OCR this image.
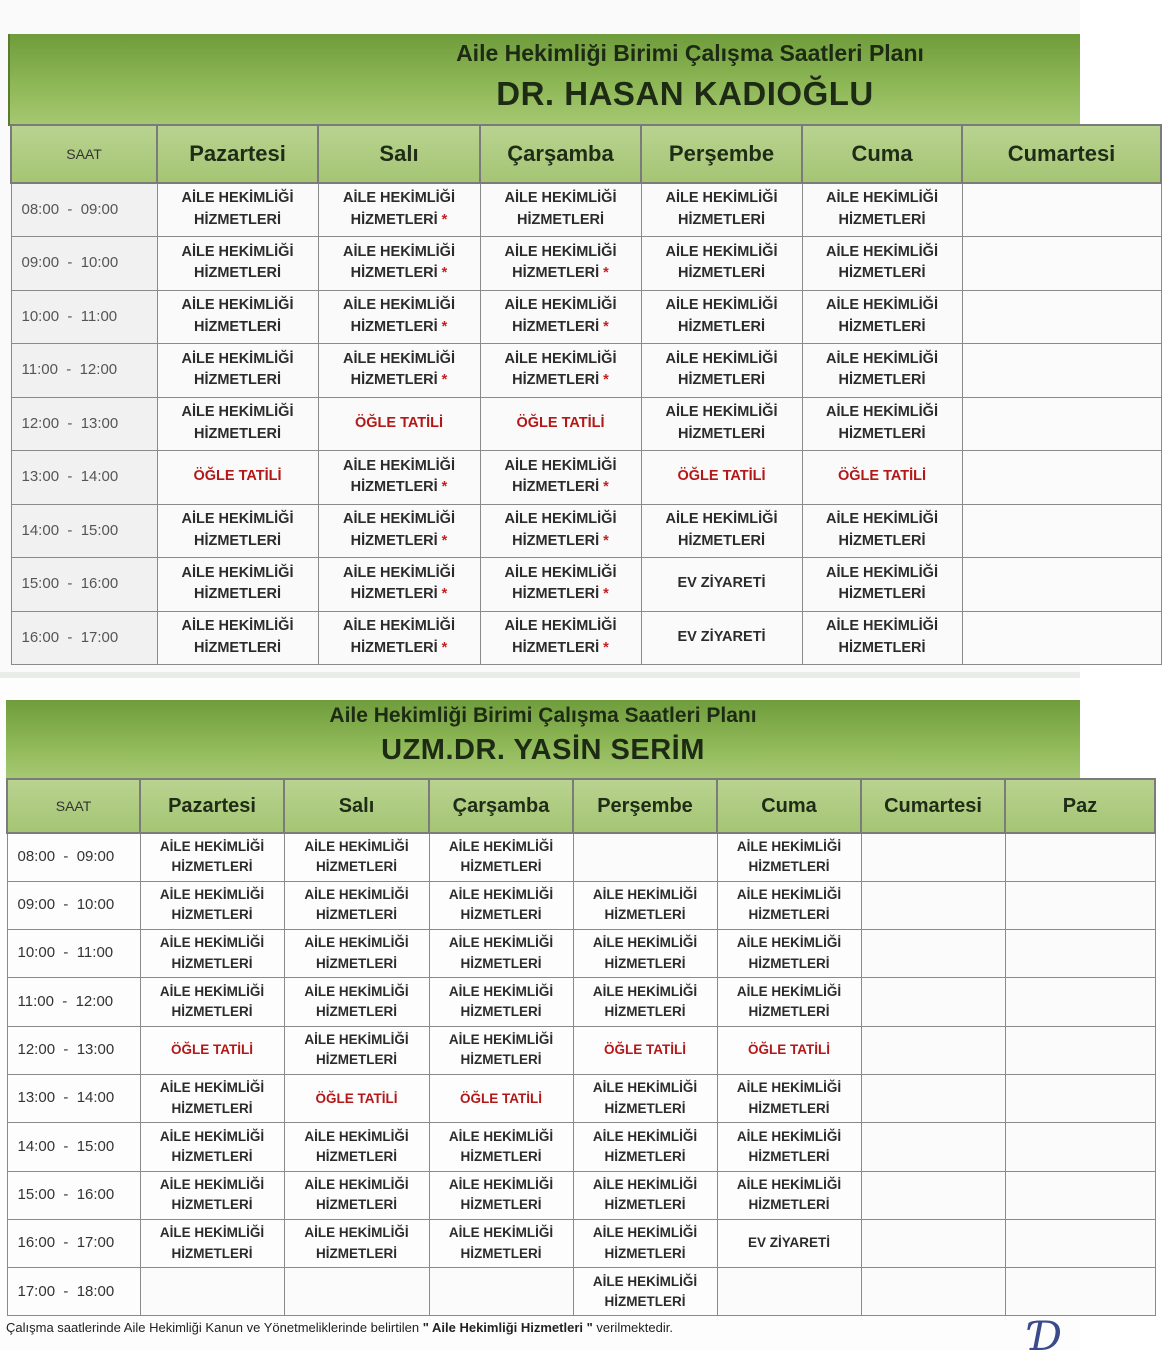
Aile Hekimliği Birimi Çalışma Saatleri Planı
DR. HASAN KADIOĞLU
SAAT	Pazartesi	Salı	Çarşamba	Perşembe	Cuma	Cumartesi
08:00  -  09:00	AİLE HEKİMLİĞİ HİZMETLERİ	AİLE HEKİMLİĞİ HİZMETLERİ *	AİLE HEKİMLİĞİ HİZMETLERİ	AİLE HEKİMLİĞİ HİZMETLERİ	AİLE HEKİMLİĞİ HİZMETLERİ	
09:00  -  10:00	AİLE HEKİMLİĞİ HİZMETLERİ	AİLE HEKİMLİĞİ HİZMETLERİ *	AİLE HEKİMLİĞİ HİZMETLERİ *	AİLE HEKİMLİĞİ HİZMETLERİ	AİLE HEKİMLİĞİ HİZMETLERİ	
10:00  -  11:00	AİLE HEKİMLİĞİ HİZMETLERİ	AİLE HEKİMLİĞİ HİZMETLERİ *	AİLE HEKİMLİĞİ HİZMETLERİ *	AİLE HEKİMLİĞİ HİZMETLERİ	AİLE HEKİMLİĞİ HİZMETLERİ	
11:00  -  12:00	AİLE HEKİMLİĞİ HİZMETLERİ	AİLE HEKİMLİĞİ HİZMETLERİ *	AİLE HEKİMLİĞİ HİZMETLERİ *	AİLE HEKİMLİĞİ HİZMETLERİ	AİLE HEKİMLİĞİ HİZMETLERİ	
12:00  -  13:00	AİLE HEKİMLİĞİ HİZMETLERİ	ÖĞLE TATİLİ	ÖĞLE TATİLİ	AİLE HEKİMLİĞİ HİZMETLERİ	AİLE HEKİMLİĞİ HİZMETLERİ	
13:00  -  14:00	ÖĞLE TATİLİ	AİLE HEKİMLİĞİ HİZMETLERİ *	AİLE HEKİMLİĞİ HİZMETLERİ *	ÖĞLE TATİLİ	ÖĞLE TATİLİ	
14:00  -  15:00	AİLE HEKİMLİĞİ HİZMETLERİ	AİLE HEKİMLİĞİ HİZMETLERİ *	AİLE HEKİMLİĞİ HİZMETLERİ *	AİLE HEKİMLİĞİ HİZMETLERİ	AİLE HEKİMLİĞİ HİZMETLERİ	
15:00  -  16:00	AİLE HEKİMLİĞİ HİZMETLERİ	AİLE HEKİMLİĞİ HİZMETLERİ *	AİLE HEKİMLİĞİ HİZMETLERİ *	EV ZİYARETİ	AİLE HEKİMLİĞİ HİZMETLERİ	
16:00  -  17:00	AİLE HEKİMLİĞİ HİZMETLERİ	AİLE HEKİMLİĞİ HİZMETLERİ *	AİLE HEKİMLİĞİ HİZMETLERİ *	EV ZİYARETİ	AİLE HEKİMLİĞİ HİZMETLERİ	
Aile Hekimliği Birimi Çalışma Saatleri Planı
UZM.DR. YASİN SERİM
SAAT	Pazartesi	Salı	Çarşamba	Perşembe	Cuma	Cumartesi	Paz
08:00  -  09:00	AİLE HEKİMLİĞİ HİZMETLERİ	AİLE HEKİMLİĞİ HİZMETLERİ	AİLE HEKİMLİĞİ HİZMETLERİ		AİLE HEKİMLİĞİ HİZMETLERİ		
09:00  -  10:00	AİLE HEKİMLİĞİ HİZMETLERİ	AİLE HEKİMLİĞİ HİZMETLERİ	AİLE HEKİMLİĞİ HİZMETLERİ	AİLE HEKİMLİĞİ HİZMETLERİ	AİLE HEKİMLİĞİ HİZMETLERİ		
10:00  -  11:00	AİLE HEKİMLİĞİ HİZMETLERİ	AİLE HEKİMLİĞİ HİZMETLERİ	AİLE HEKİMLİĞİ HİZMETLERİ	AİLE HEKİMLİĞİ HİZMETLERİ	AİLE HEKİMLİĞİ HİZMETLERİ		
11:00  -  12:00	AİLE HEKİMLİĞİ HİZMETLERİ	AİLE HEKİMLİĞİ HİZMETLERİ	AİLE HEKİMLİĞİ HİZMETLERİ	AİLE HEKİMLİĞİ HİZMETLERİ	AİLE HEKİMLİĞİ HİZMETLERİ		
12:00  -  13:00	ÖĞLE TATİLİ	AİLE HEKİMLİĞİ HİZMETLERİ	AİLE HEKİMLİĞİ HİZMETLERİ	ÖĞLE TATİLİ	ÖĞLE TATİLİ		
13:00  -  14:00	AİLE HEKİMLİĞİ HİZMETLERİ	ÖĞLE TATİLİ	ÖĞLE TATİLİ	AİLE HEKİMLİĞİ HİZMETLERİ	AİLE HEKİMLİĞİ HİZMETLERİ		
14:00  -  15:00	AİLE HEKİMLİĞİ HİZMETLERİ	AİLE HEKİMLİĞİ HİZMETLERİ	AİLE HEKİMLİĞİ HİZMETLERİ	AİLE HEKİMLİĞİ HİZMETLERİ	AİLE HEKİMLİĞİ HİZMETLERİ		
15:00  -  16:00	AİLE HEKİMLİĞİ HİZMETLERİ	AİLE HEKİMLİĞİ HİZMETLERİ	AİLE HEKİMLİĞİ HİZMETLERİ	AİLE HEKİMLİĞİ HİZMETLERİ	AİLE HEKİMLİĞİ HİZMETLERİ		
16:00  -  17:00	AİLE HEKİMLİĞİ HİZMETLERİ	AİLE HEKİMLİĞİ HİZMETLERİ	AİLE HEKİMLİĞİ HİZMETLERİ	AİLE HEKİMLİĞİ HİZMETLERİ	EV ZİYARETİ		
17:00  -  18:00				AİLE HEKİMLİĞİ HİZMETLERİ			
Çalışma saatlerinde Aile Hekimliği Kanun ve Yönetmeliklerinde belirtilen " Aile Hekimliği Hizmetleri " verilmektedir.	Ɗ
